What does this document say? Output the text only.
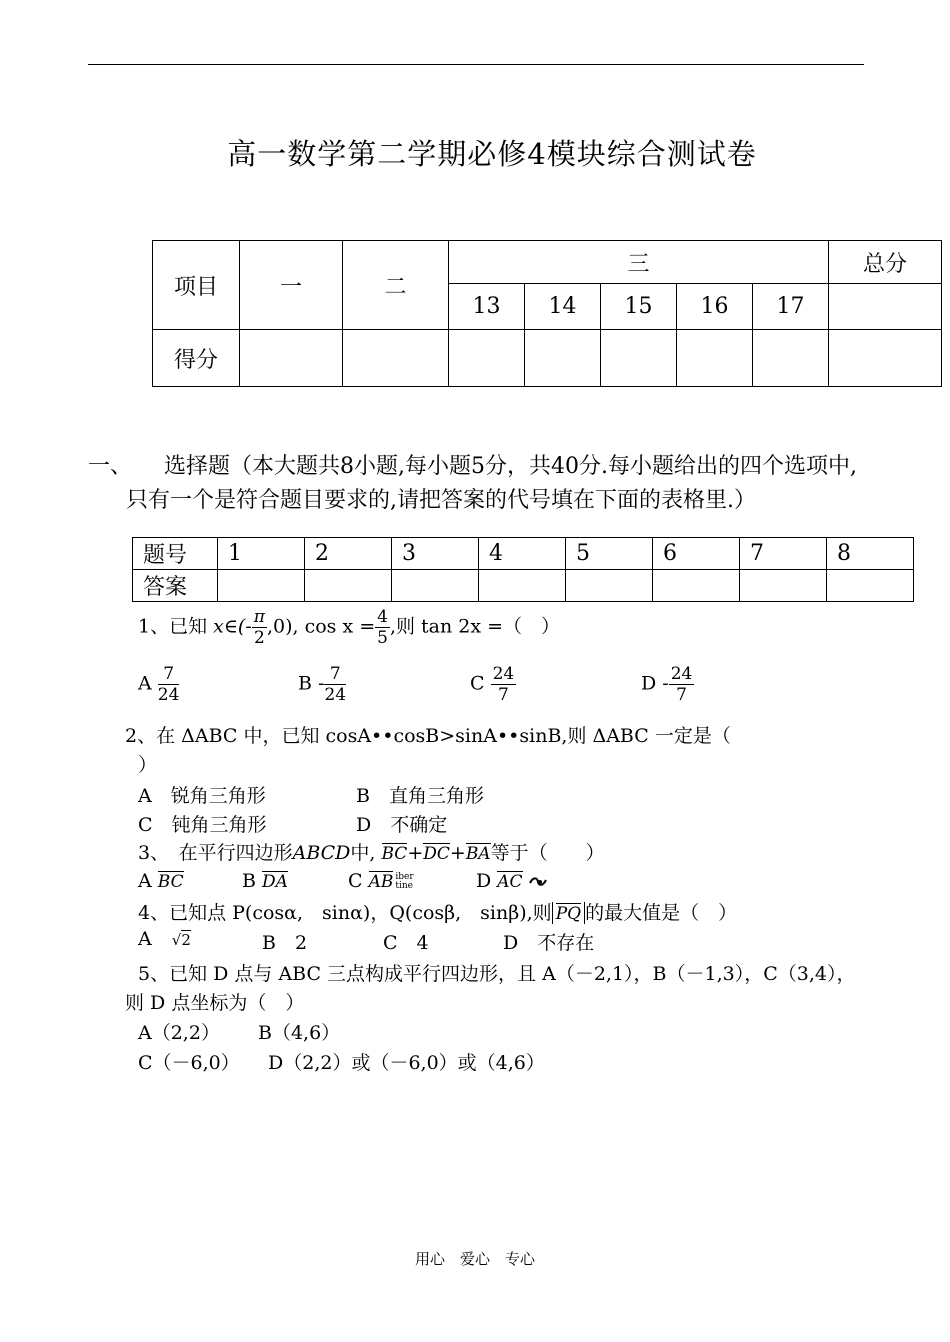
高一数学第二学期必修4模块综合测试卷
项目	一	二	三					总分
			13	14	15	16	17	
得分								
一、	选择题（本大题共8小题,每小题5分，共40分.每小题给出的四个选项中,只有一个是符合题目要求的,请把答案的代号填在下面的表格里.）
题号	1	2	3	4	5	6	7	8
答案								
1、已知 x∈(- $\frac{\pi}{2} ,0$), $\cos x = \frac{4}{5}$ ,则 tan 2x =（　）
A $\frac{7}{24}$	B - $\frac{7}{24}$	C $\frac{24}{7}$	D - $\frac{24}{7}$
2、在 ΔABC 中，已知 cosA••cosB>sinA••sinB,则 ΔABC 一定是（
）
A　锐角三角形	B　直角三角形
C　钝角三角形	D　不确定
3、　在平行四边形ABCD中, BC+DC+BA等于（　　）
A BC	B DA	C AB iber
tine	D AC
4、已知点 P(cosα,　sinα)，Q(cosβ,　sinβ),则 PQ 的最大值是（　）
A √2	B　2	C　4	D　不存在
5、已知 D 点与 ABC 三点构成平行四边形，且 A（－2,1），B（－1,3），C（3,4），
则 D 点坐标为（　）
A（2,2） B（4,6）
C（－6,0） D（2,2）或（－6,0）或（4,6）
用心　爱心　专心
